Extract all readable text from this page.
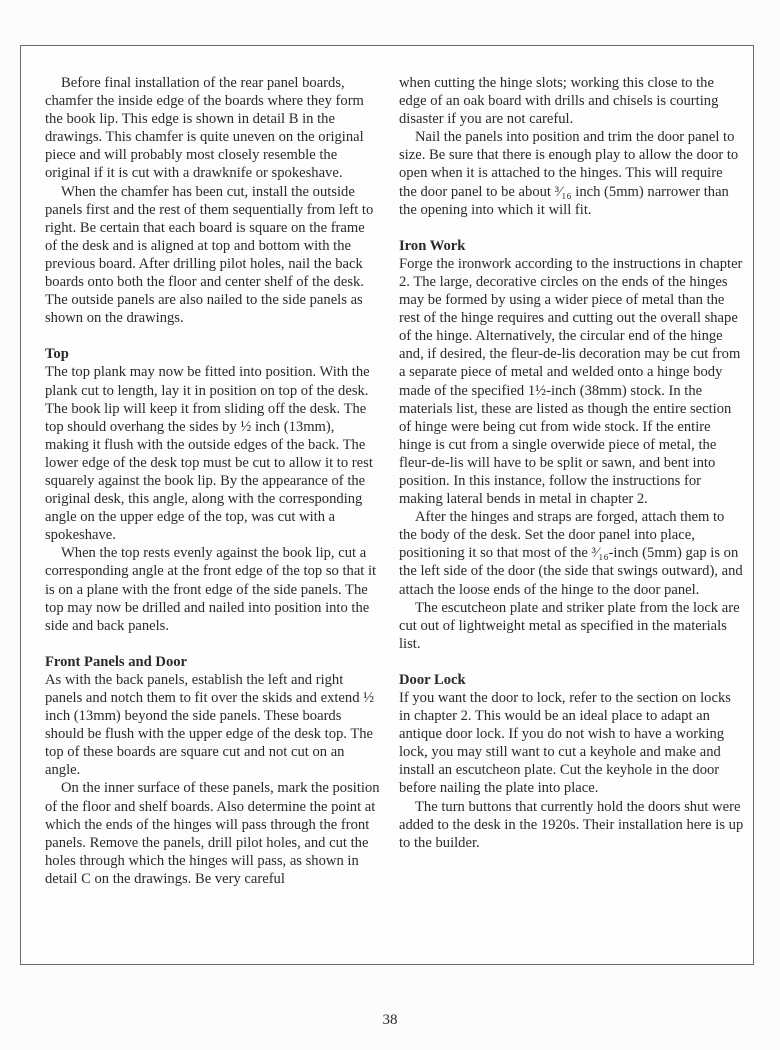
Before final installation of the rear panel boards, chamfer the inside edge of the boards where they form the book lip. This edge is shown in detail B in the drawings. This chamfer is quite uneven on the original piece and will probably most closely resemble the original if it is cut with a drawknife or spokeshave.

When the chamfer has been cut, install the outside panels first and the rest of them sequentially from left to right. Be certain that each board is square on the frame of the desk and is aligned at top and bottom with the previous board. After drilling pilot holes, nail the back boards onto both the floor and center shelf of the desk. The outside panels are also nailed to the side panels as shown on the drawings.

Top

The top plank may now be fitted into position. With the plank cut to length, lay it in position on top of the desk. The book lip will keep it from sliding off the desk. The top should overhang the sides by ½ inch (13mm), making it flush with the outside edges of the back. The lower edge of the desk top must be cut to allow it to rest squarely against the book lip. By the appearance of the original desk, this angle, along with the corresponding angle on the upper edge of the top, was cut with a spokeshave.

When the top rests evenly against the book lip, cut a corresponding angle at the front edge of the top so that it is on a plane with the front edge of the side panels. The top may now be drilled and nailed into position into the side and back panels.

Front Panels and Door

As with the back panels, establish the left and right panels and notch them to fit over the skids and extend ½ inch (13mm) beyond the side panels. These boards should be flush with the upper edge of the desk top. The top of these boards are square cut and not cut on an angle.

On the inner surface of these panels, mark the position of the floor and shelf boards. Also determine the point at which the ends of the hinges will pass through the front panels. Remove the panels, drill pilot holes, and cut the holes through which the hinges will pass, as shown in detail C on the drawings. Be very careful

when cutting the hinge slots; working this close to the edge of an oak board with drills and chisels is courting disaster if you are not careful.

Nail the panels into position and trim the door panel to size. Be sure that there is enough play to allow the door to open when it is attached to the hinges. This will require the door panel to be about ³⁄₁₆ inch (5mm) narrower than the opening into which it will fit.

Iron Work

Forge the ironwork according to the instructions in chapter 2. The large, decorative circles on the ends of the hinges may be formed by using a wider piece of metal than the rest of the hinge requires and cutting out the overall shape of the hinge. Alternatively, the circular end of the hinge and, if desired, the fleur-de-lis decoration may be cut from a separate piece of metal and welded onto a hinge body made of the specified 1½-inch (38mm) stock. In the materials list, these are listed as though the entire section of hinge were being cut from wide stock. If the entire hinge is cut from a single overwide piece of metal, the fleur-de-lis will have to be split or sawn, and bent into position. In this instance, follow the instructions for making lateral bends in metal in chapter 2.

After the hinges and straps are forged, attach them to the body of the desk. Set the door panel into place, positioning it so that most of the ³⁄₁₆-inch (5mm) gap is on the left side of the door (the side that swings outward), and attach the loose ends of the hinge to the door panel.

The escutcheon plate and striker plate from the lock are cut out of lightweight metal as specified in the materials list.

Door Lock

If you want the door to lock, refer to the section on locks in chapter 2. This would be an ideal place to adapt an antique door lock. If you do not wish to have a working lock, you may still want to cut a keyhole and make and install an escutcheon plate. Cut the keyhole in the door before nailing the plate into place.

The turn buttons that currently hold the doors shut were added to the desk in the 1920s. Their installation here is up to the builder.

38
